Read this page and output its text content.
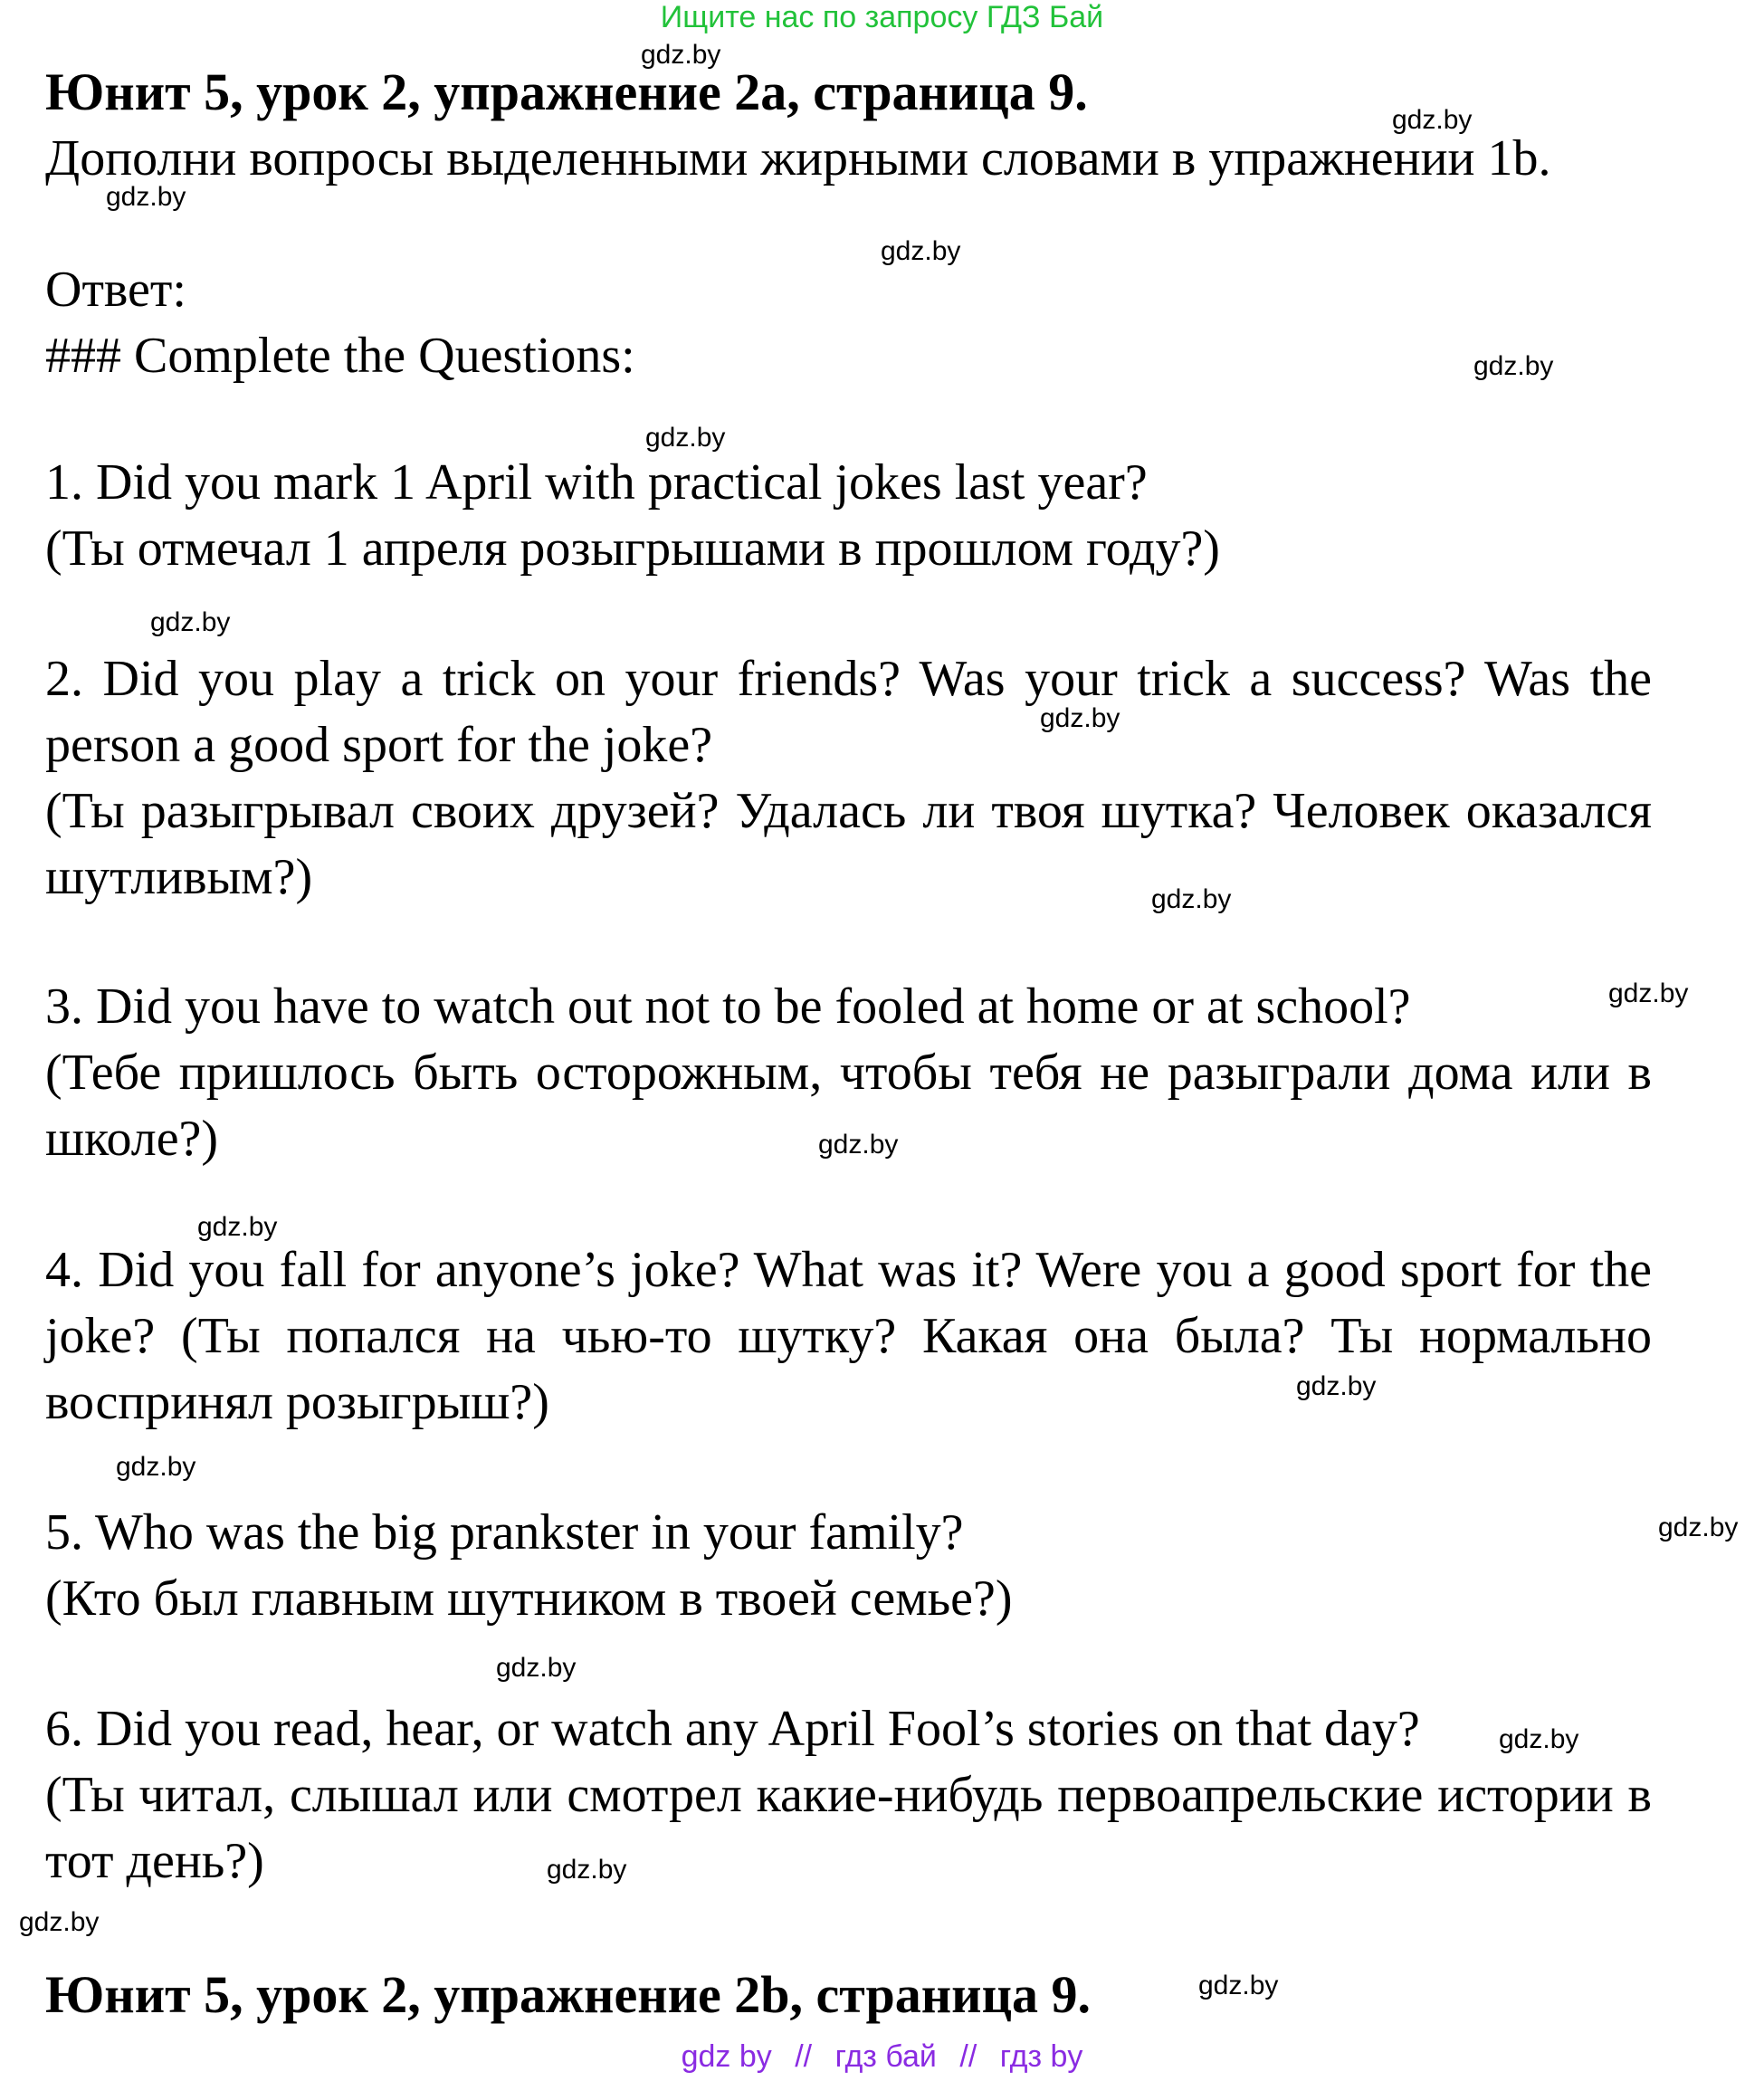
Ищите нас по запросу ГДЗ Бай
Юнит 5, урок 2, упражнение 2a, страница 9.
Дополни вопросы выделенными жирными словами в упражнении 1b.
Ответ:
### Complete the Questions:
1. Did you mark 1 April with practical jokes last year?
(Ты отмечал 1 апреля розыгрышами в прошлом году?)
2. Did you play a trick on your friends? Was your trick a success? Was the person a good sport for the joke?
(Ты разыгрывал своих друзей? Удалась ли твоя шутка? Человек оказался шутливым?)
3. Did you have to watch out not to be fooled at home or at school?
(Тебе пришлось быть осторожным, чтобы тебя не разыграли дома или в школе?)
4. Did you fall for anyone’s joke? What was it? Were you a good sport for the joke? (Ты попался на чью-то шутку? Какая она была? Ты нормально воспринял розыгрыш?)
5. Who was the big prankster in your family?
(Кто был главным шутником в твоей семье?)
6. Did you read, hear, or watch any April Fool’s stories on that day?
(Ты читал, слышал или смотрел какие-нибудь первоапрельские истории в тот день?)
Юнит 5, урок 2, упражнение 2b, страница 9.
gdz.by
gdz.by
gdz.by
gdz.by
gdz.by
gdz.by
gdz.by
gdz.by
gdz.by
gdz.by
gdz.by
gdz.by
gdz.by
gdz.by
gdz.by
gdz.by
gdz.by
gdz.by
gdz.by
gdz.by
gdz by // гдз бай // гдз by
